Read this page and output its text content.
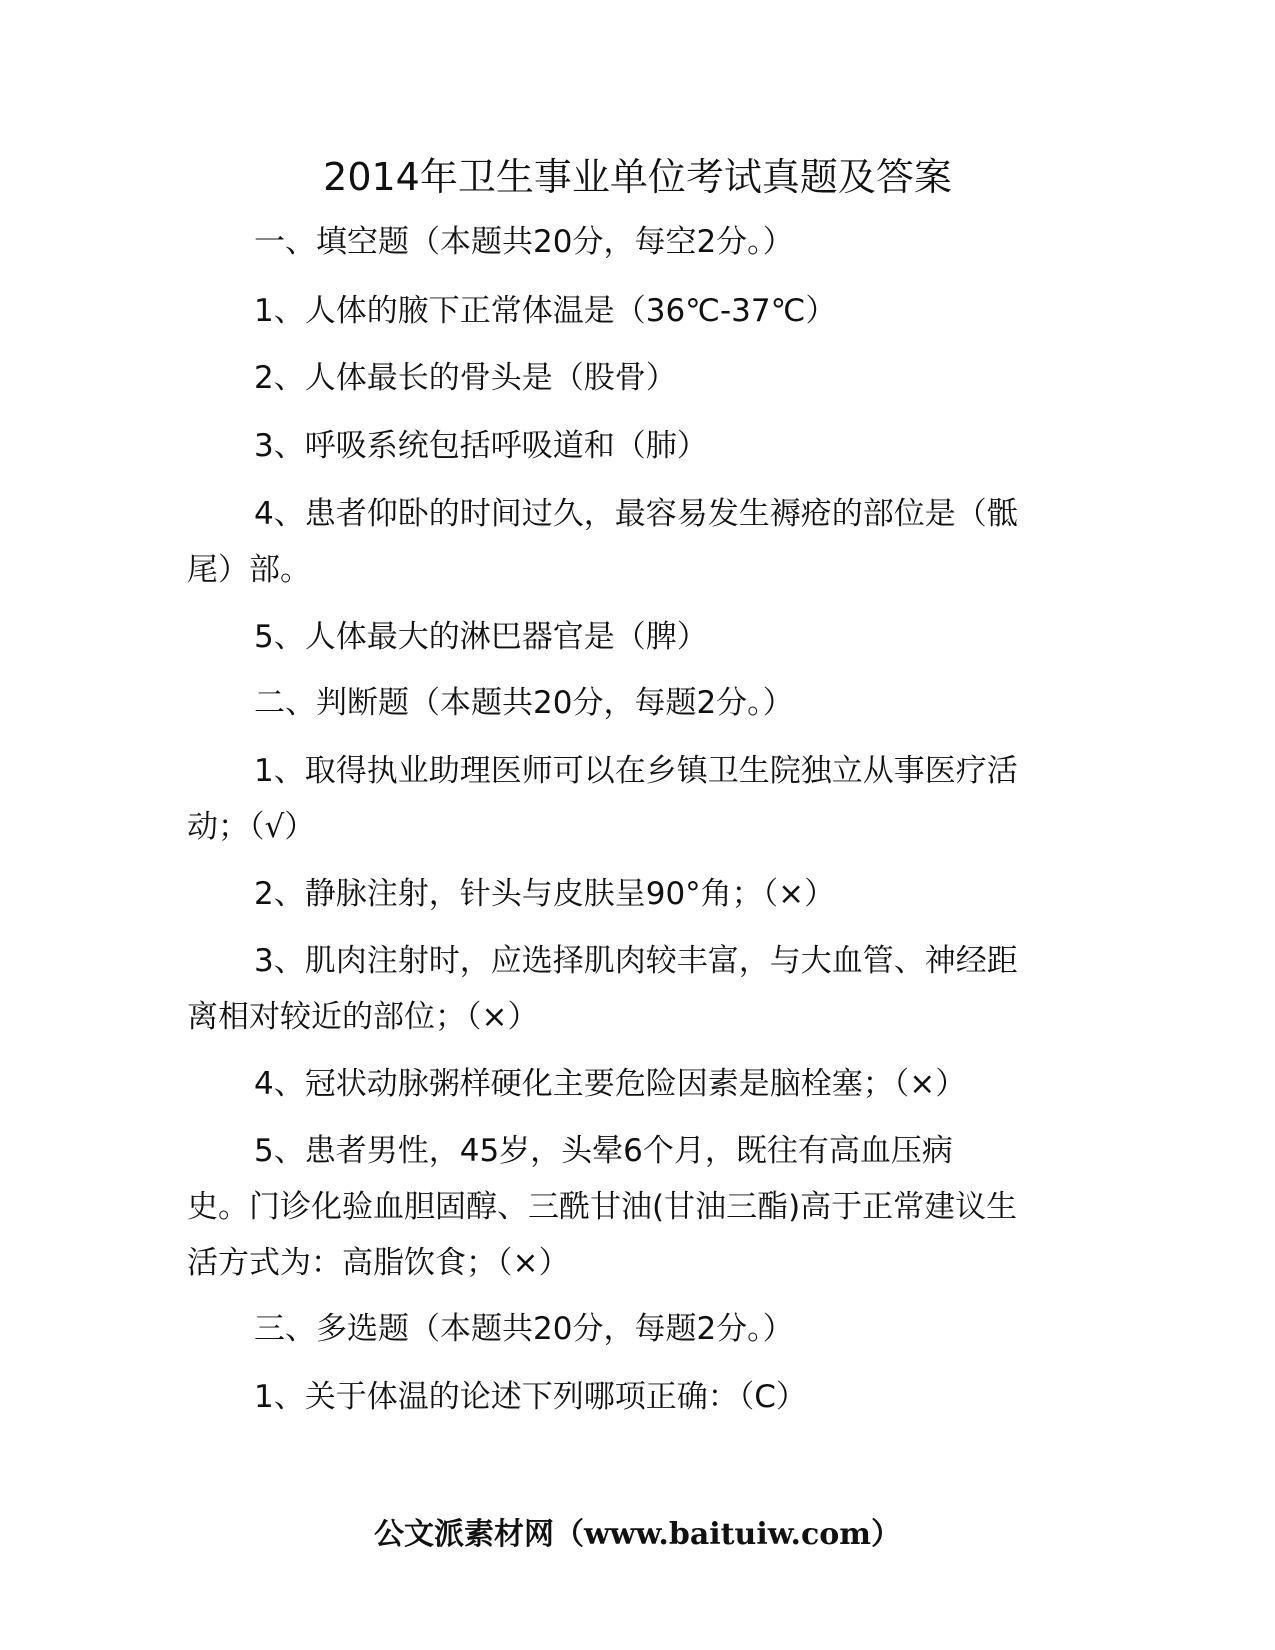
2014年卫生事业单位考试真题及答案
一、填空题（本题共20分，每空2分。）
1、人体的腋下正常体温是（36℃-37℃）
2、人体最长的骨头是（股骨）
3、呼吸系统包括呼吸道和（肺）
4、患者仰卧的时间过久，最容易发生褥疮的部位是（骶
尾）部。
5、人体最大的淋巴器官是（脾）
二、判断题（本题共20分，每题2分。）
1、取得执业助理医师可以在乡镇卫生院独立从事医疗活
动；（√）
2、静脉注射，针头与皮肤呈90°角；（×）
3、肌肉注射时，应选择肌肉较丰富，与大血管、神经距
离相对较近的部位；（×）
4、冠状动脉粥样硬化主要危险因素是脑栓塞；（×）
5、患者男性，45岁，头晕6个月，既往有高血压病
史。门诊化验血胆固醇、三酰甘油(甘油三酯)高于正常建议生
活方式为：高脂饮食；（×）
三、多选题（本题共20分，每题2分。）
1、关于体温的论述下列哪项正确：（C）
公文派素材网（www.baituiw.com）
